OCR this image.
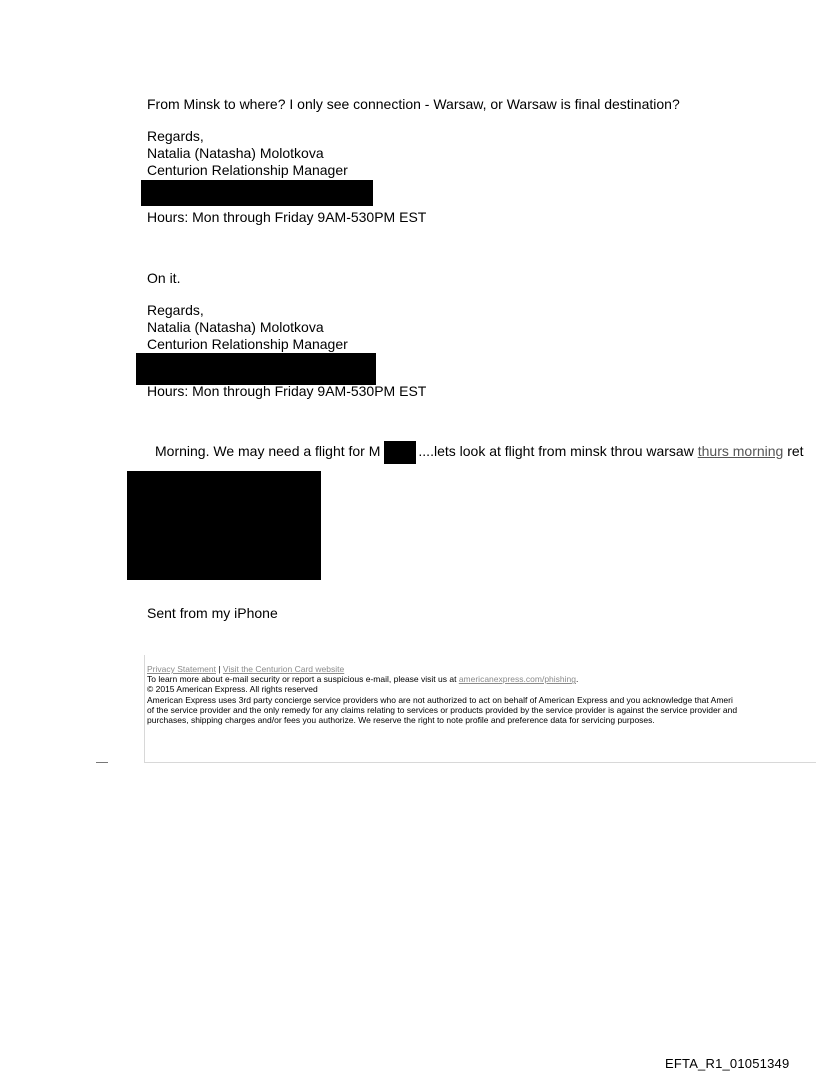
From Minsk to where? I only see connection - Warsaw, or Warsaw is final destination?

Regards,

Natalia (Natasha) Molotkova

Centurion Relationship Manager

Hours: Mon through Friday 9AM-530PM EST

On it.

Regards,

Natalia (Natasha) Molotkova

Centurion Relationship Manager

Hours: Mon through Friday 9AM-530PM EST

Morning. We may need a flight for M	....lets look at flight from minsk throu warsaw thurs morning ret

Sent from my iPhone

Privacy Statement | Visit the Centurion Card website
To learn more about e-mail security or report a suspicious e-mail, please visit us at americanexpress.com/phishing.
© 2015 American Express. All rights reserved
American Express uses 3rd party concierge service providers who are not authorized to act on behalf of American Express and you acknowledge that Ameri
of the service provider and the only remedy for any claims relating to services or products provided by the service provider is against the service provider and
purchases, shipping charges and/or fees you authorize. We reserve the right to note profile and preference data for servicing purposes.
EFTA_R1_01051349
